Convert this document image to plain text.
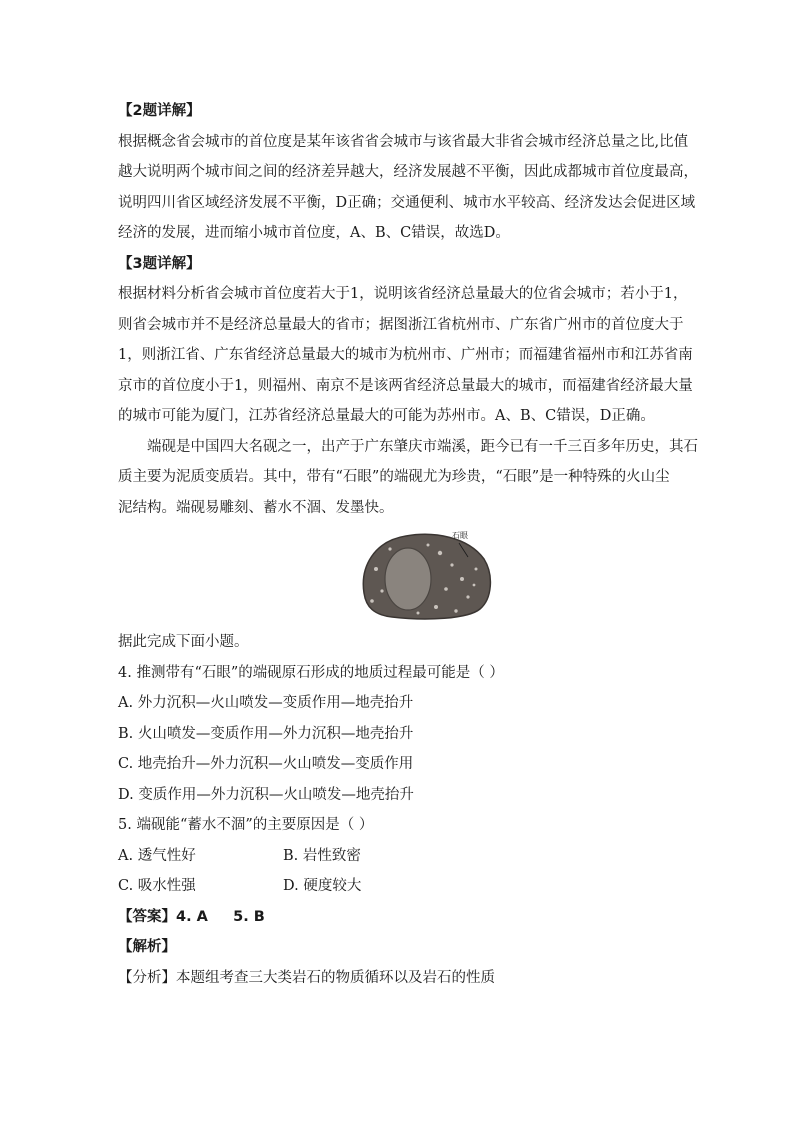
【2题详解】
根据概念省会城市的首位度是某年该省省会城市与该省最大非省会城市经济总量之比,比值
越大说明两个城市间之间的经济差异越大，经济发展越不平衡，因此成都城市首位度最高，
说明四川省区域经济发展不平衡，D正确；交通便利、城市水平较高、经济发达会促进区域
经济的发展，进而缩小城市首位度，A、B、C错误，故选D。
【3题详解】
根据材料分析省会城市首位度若大于1，说明该省经济总量最大的位省会城市；若小于1，
则省会城市并不是经济总量最大的省市；据图浙江省杭州市、广东省广州市的首位度大于
1，则浙江省、广东省经济总量最大的城市为杭州市、广州市；而福建省福州市和江苏省南
京市的首位度小于1，则福州、南京不是该两省经济总量最大的城市，而福建省经济最大量
的城市可能为厦门，江苏省经济总量最大的可能为苏州市。A、B、C错误，D正确。
端砚是中国四大名砚之一，出产于广东肇庆市端溪，距今已有一千三百多年历史，其石
质主要为泥质变质岩。其中，带有“石眼”的端砚尤为珍贵，“石眼”是一种特殊的火山尘
泥结构。端砚易雕刻、蓄水不涸、发墨快。
石眼
据此完成下面小题。
4. 推测带有“石眼”的端砚原石形成的地质过程最可能是（ ）
A. 外力沉积—火山喷发—变质作用—地壳抬升
B. 火山喷发—变质作用—外力沉积—地壳抬升
C. 地壳抬升—外力沉积—火山喷发—变质作用
D. 变质作用—外力沉积—火山喷发—地壳抬升
5. 端砚能“蓄水不涸”的主要原因是（ ）
A. 透气性好	B. 岩性致密
C. 吸水性强	D. 硬度较大
【答案】4. A     5. B
【解析】
【分析】本题组考查三大类岩石的物质循环以及岩石的性质
